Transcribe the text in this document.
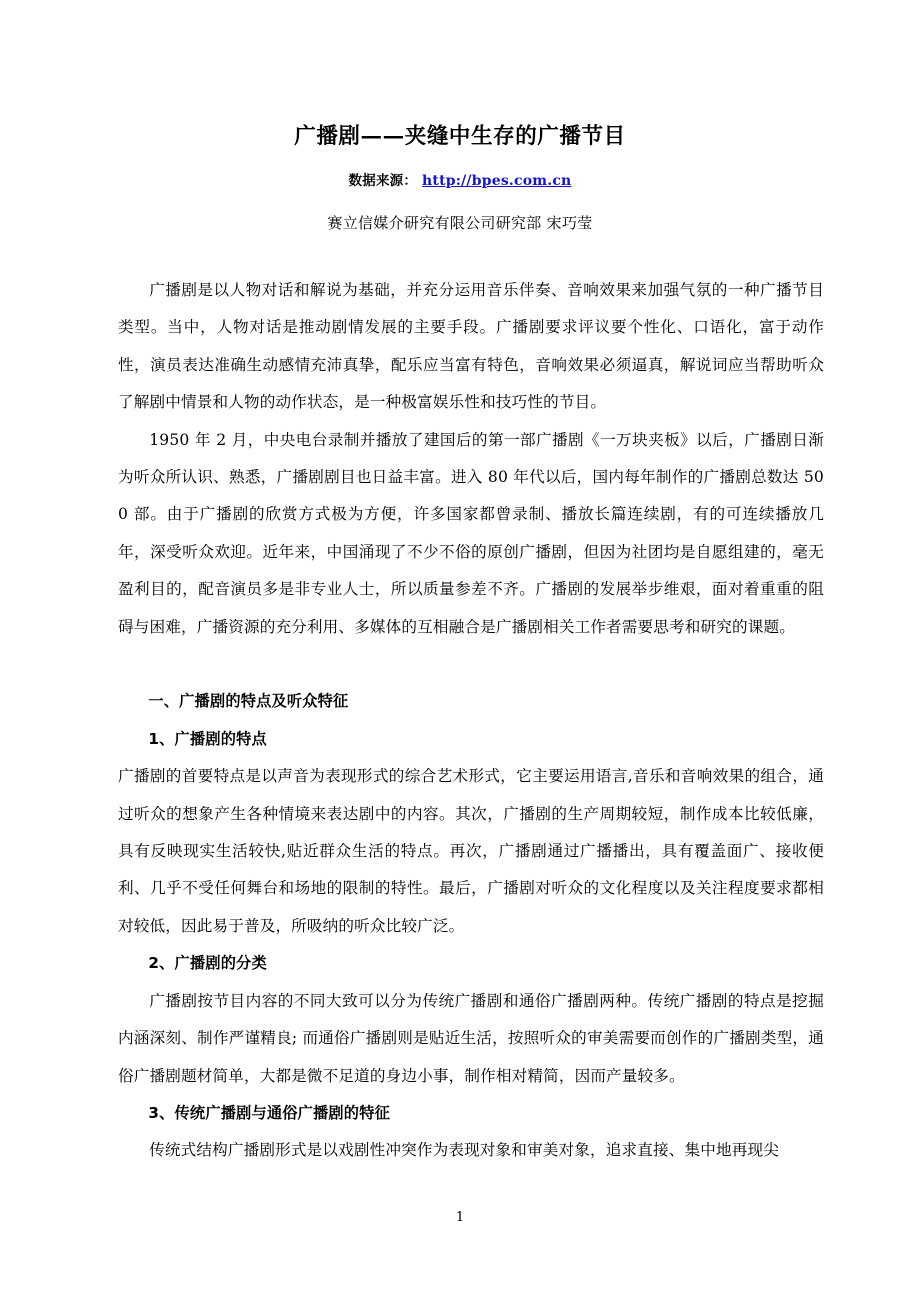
广播剧——夹缝中生存的广播节目
数据来源： http://bpes.com.cn
赛立信媒介研究有限公司研究部 宋巧莹

广播剧是以人物对话和解说为基础，并充分运用音乐伴奏、音响效果来加强气氛的一种广播节目类型。当中，人物对话是推动剧情发展的主要手段。广播剧要求评议要个性化、口语化，富于动作性，演员表达准确生动感情充沛真挚，配乐应当富有特色，音响效果必须逼真，解说词应当帮助听众了解剧中情景和人物的动作状态，是一种极富娱乐性和技巧性的节目。

1950 年 2 月，中央电台录制并播放了建国后的第一部广播剧《一万块夹板》以后，广播剧日渐为听众所认识、熟悉，广播剧剧目也日益丰富。进入 80 年代以后，国内每年制作的广播剧总数达 500 部。由于广播剧的欣赏方式极为方便，许多国家都曾录制、播放长篇连续剧，有的可连续播放几年，深受听众欢迎。近年来，中国涌现了不少不俗的原创广播剧，但因为社团均是自愿组建的，毫无盈利目的，配音演员多是非专业人士，所以质量参差不齐。广播剧的发展举步维艰，面对着重重的阻碍与困难，广播资源的充分利用、多媒体的互相融合是广播剧相关工作者需要思考和研究的课题。

一、广播剧的特点及听众特征
1、广播剧的特点

广播剧的首要特点是以声音为表现形式的综合艺术形式，它主要运用语言,音乐和音响效果的组合，通过听众的想象产生各种情境来表达剧中的内容。其次，广播剧的生产周期较短，制作成本比较低廉，具有反映现实生活较快,贴近群众生活的特点。再次，广播剧通过广播播出，具有覆盖面广、接收便利、几乎不受任何舞台和场地的限制的特性。最后，广播剧对听众的文化程度以及关注程度要求都相对较低，因此易于普及，所吸纳的听众比较广泛。

2、广播剧的分类

广播剧按节目内容的不同大致可以分为传统广播剧和通俗广播剧两种。传统广播剧的特点是挖掘内涵深刻、制作严谨精良; 而通俗广播剧则是贴近生活，按照听众的审美需要而创作的广播剧类型，通俗广播剧题材简单，大都是微不足道的身边小事，制作相对精简，因而产量较多。

3、传统广播剧与通俗广播剧的特征

传统式结构广播剧形式是以戏剧性冲突作为表现对象和审美对象，追求直接、集中地再现尖

1
